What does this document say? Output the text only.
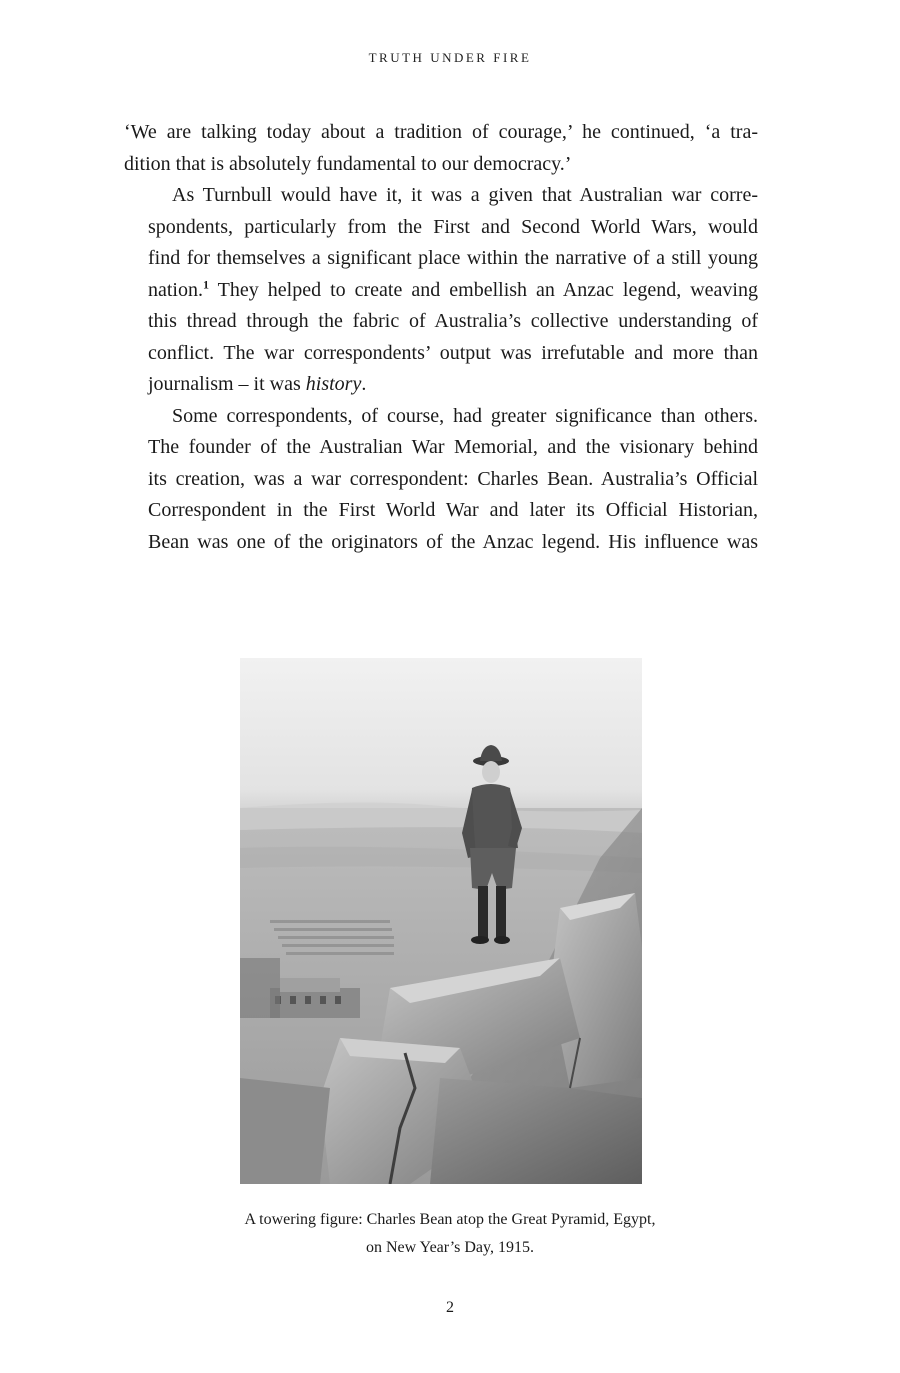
TRUTH UNDER FIRE

‘We are talking today about a tradition of courage,’ he continued, ‘a tra-
dition that is absolutely fundamental to our democracy.’

As Turnbull would have it, it was a given that Australian war corre-
spondents, particularly from the First and Second World Wars, would
find for themselves a significant place within the narrative of a still young
nation.$^1$ They helped to create and embellish an Anzac legend, weaving
this thread through the fabric of Australia’s collective understanding of
conflict. The war correspondents’ output was irrefutable and more than
journalism – it was history.

Some correspondents, of course, had greater significance than others.
The founder of the Australian War Memorial, and the visionary behind
its creation, was a war correspondent: Charles Bean. Australia’s Official
Correspondent in the First World War and later its Official Historian,
Bean was one of the originators of the Anzac legend. His influence was

A towering figure: Charles Bean atop the Great Pyramid, Egypt,
on New Year’s Day, 1915.
2
